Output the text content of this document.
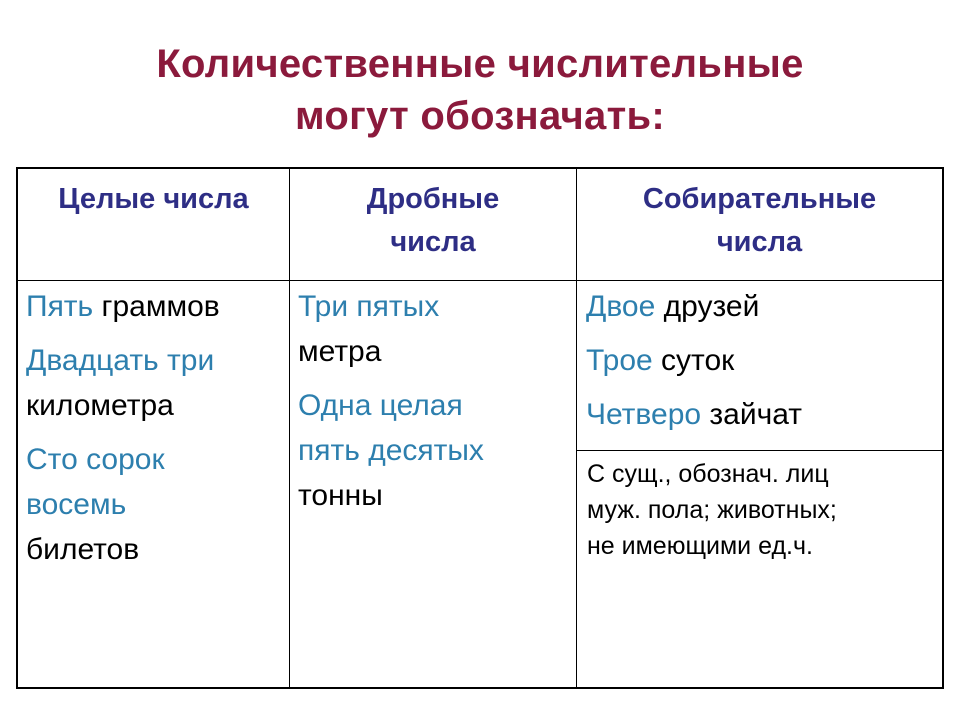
Количественные числительные
могут обозначать:
Целые числа	Дробные
числа
Собирательные
числа
Пять граммов
Двадцать три
километра
Сто сорок
восемь
билетов
Три пятых
метра
Одна целая
пять десятых
тонны
Двое друзей
Трое суток
Четверо зайчат
С сущ., обознач. лиц
муж. пола; животных;
не имеющими ед.ч.
